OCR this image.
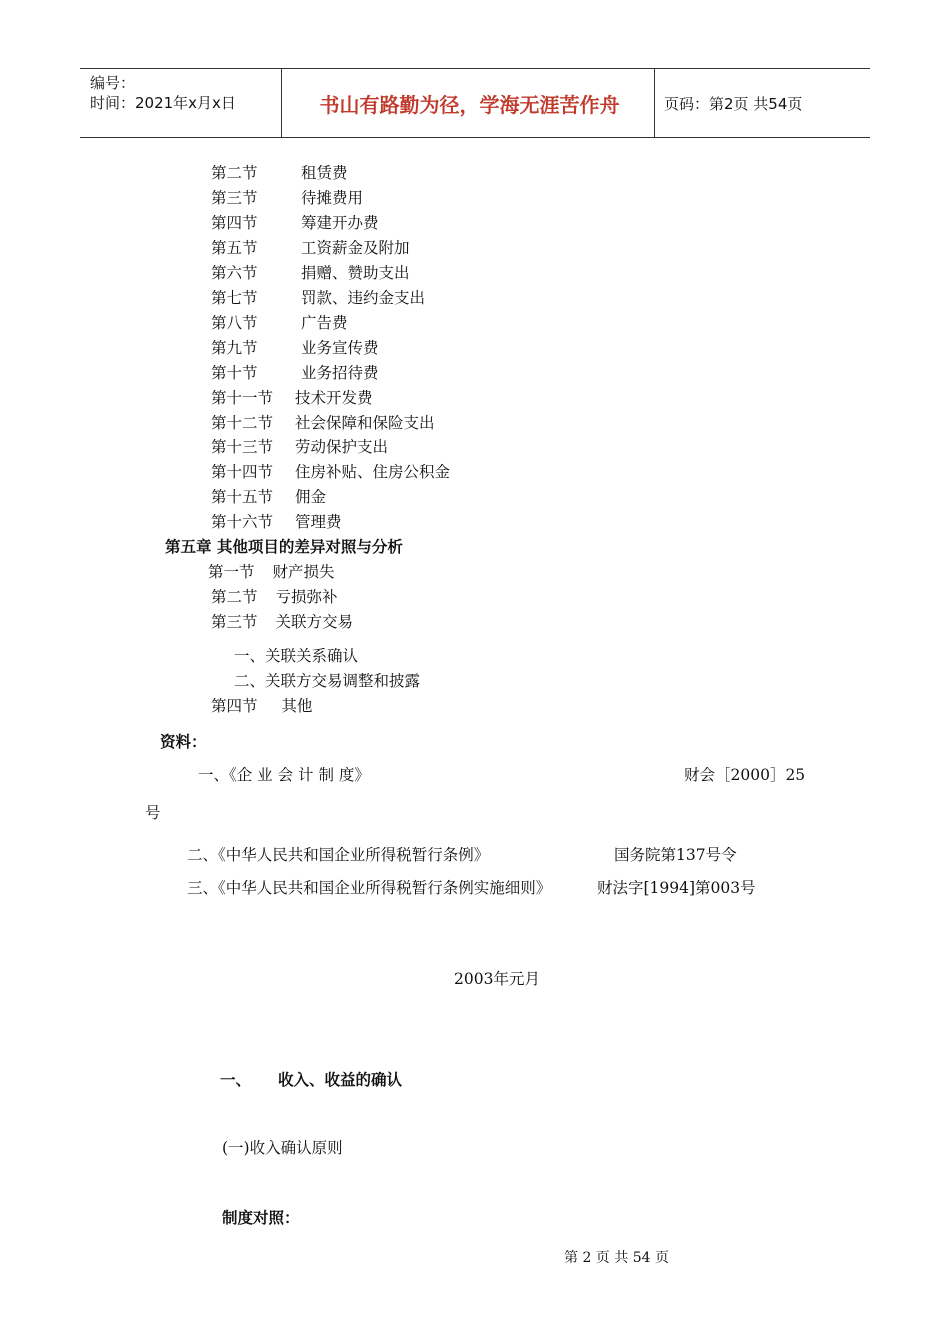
编号：
时间：2021年x月x日	书山有路勤为径，学海无涯苦作舟	页码：第2页 共54页
第二节	租赁费
第三节	待摊费用
第四节	筹建开办费
第五节	工资薪金及附加
第六节	捐赠、赞助支出
第七节	罚款、违约金支出
第八节	广告费
第九节	业务宣传费
第十节	业务招待费
第十一节 技术开发费
第十二节 社会保障和保险支出
第十三节 劳动保护支出
第十四节 住房补贴、住房公积金
第十五节 佣金
第十六节 管理费
第五章 其他项目的差异对照与分析
第一节 财产损失
第二节 亏损弥补
第三节 关联方交易
一、关联关系确认
二、关联方交易调整和披露
第四节 其他
资料：
一、《企 业 会 计 制 度》	财会［2000］25
号
二、《中华人民共和国企业所得税暂行条例》	国务院第137号令
三、《中华人民共和国企业所得税暂行条例实施细则》	财法字[1994]第003号
2003年元月
一、 收入、收益的确认
(一)收入确认原则
制度对照：
第 2 页 共 54 页
